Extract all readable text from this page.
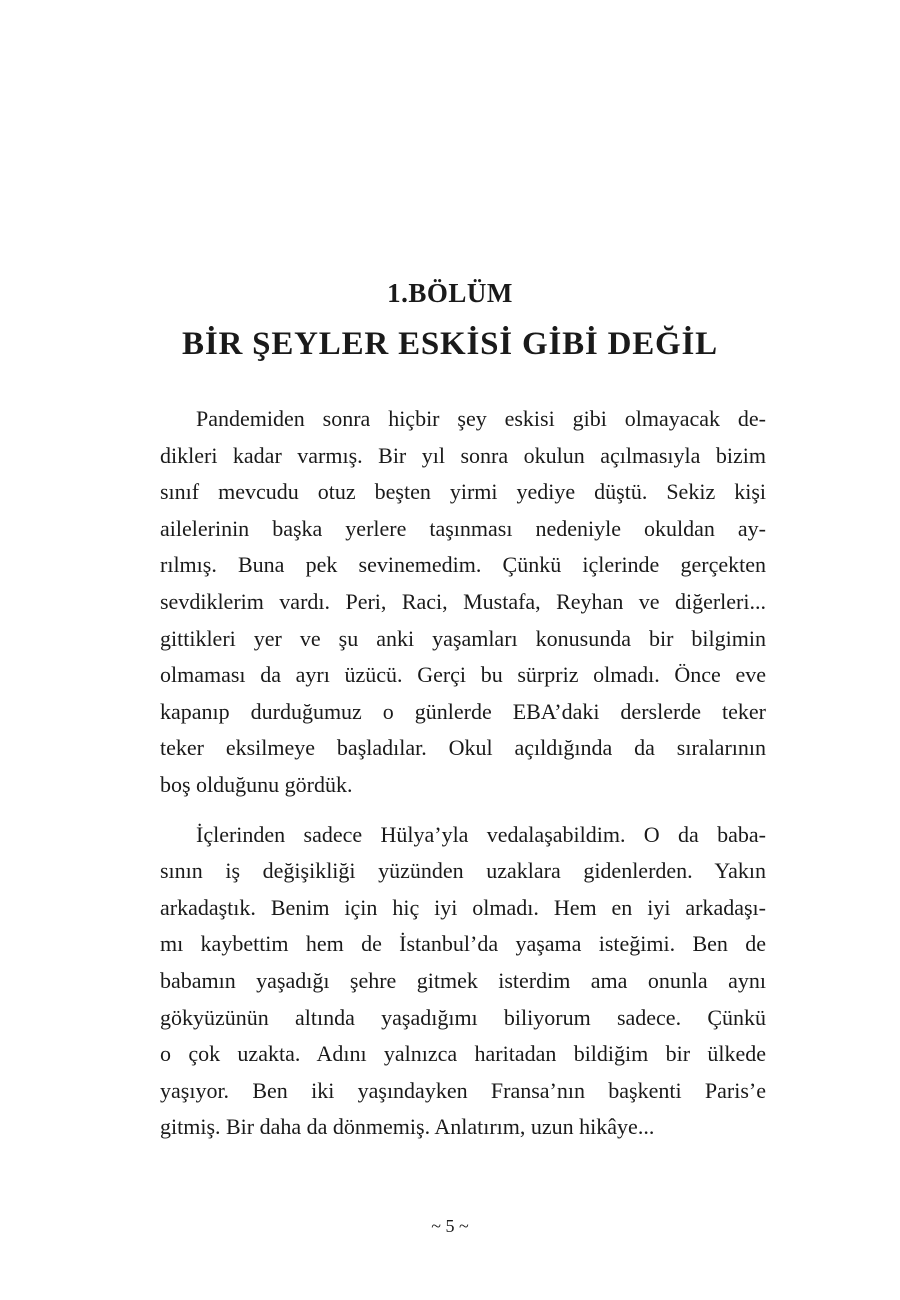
1.BÖLÜM
BİR ŞEYLER ESKİSİ GİBİ DEĞİL
Pandemiden sonra hiçbir şey eskisi gibi olmayacak de-
dikleri kadar varmış. Bir yıl sonra okulun açılmasıyla bizim
sınıf mevcudu otuz beşten yirmi yediye düştü. Sekiz kişi
ailelerinin başka yerlere taşınması nedeniyle okuldan ay-
rılmış. Buna pek sevinemedim. Çünkü içlerinde gerçekten
sevdiklerim vardı. Peri, Raci, Mustafa, Reyhan ve diğerleri...
gittikleri yer ve şu anki yaşamları konusunda bir bilgimin
olmaması da ayrı üzücü. Gerçi bu sürpriz olmadı. Önce eve
kapanıp durduğumuz o günlerde EBA’daki derslerde teker
teker eksilmeye başladılar. Okul açıldığında da sıralarının
boş olduğunu gördük.
İçlerinden sadece Hülya’yla vedalaşabildim. O da baba-
sının iş değişikliği yüzünden uzaklara gidenlerden. Yakın
arkadaştık. Benim için hiç iyi olmadı. Hem en iyi arkadaşı-
mı kaybettim hem de İstanbul’da yaşama isteğimi. Ben de
babamın yaşadığı şehre gitmek isterdim ama onunla aynı
gökyüzünün altında yaşadığımı biliyorum sadece. Çünkü
o çok uzakta. Adını yalnızca haritadan bildiğim bir ülkede
yaşıyor. Ben iki yaşındayken Fransa’nın başkenti Paris’e
gitmiş. Bir daha da dönmemiş. Anlatırım, uzun hikâye...
~ 5 ~
